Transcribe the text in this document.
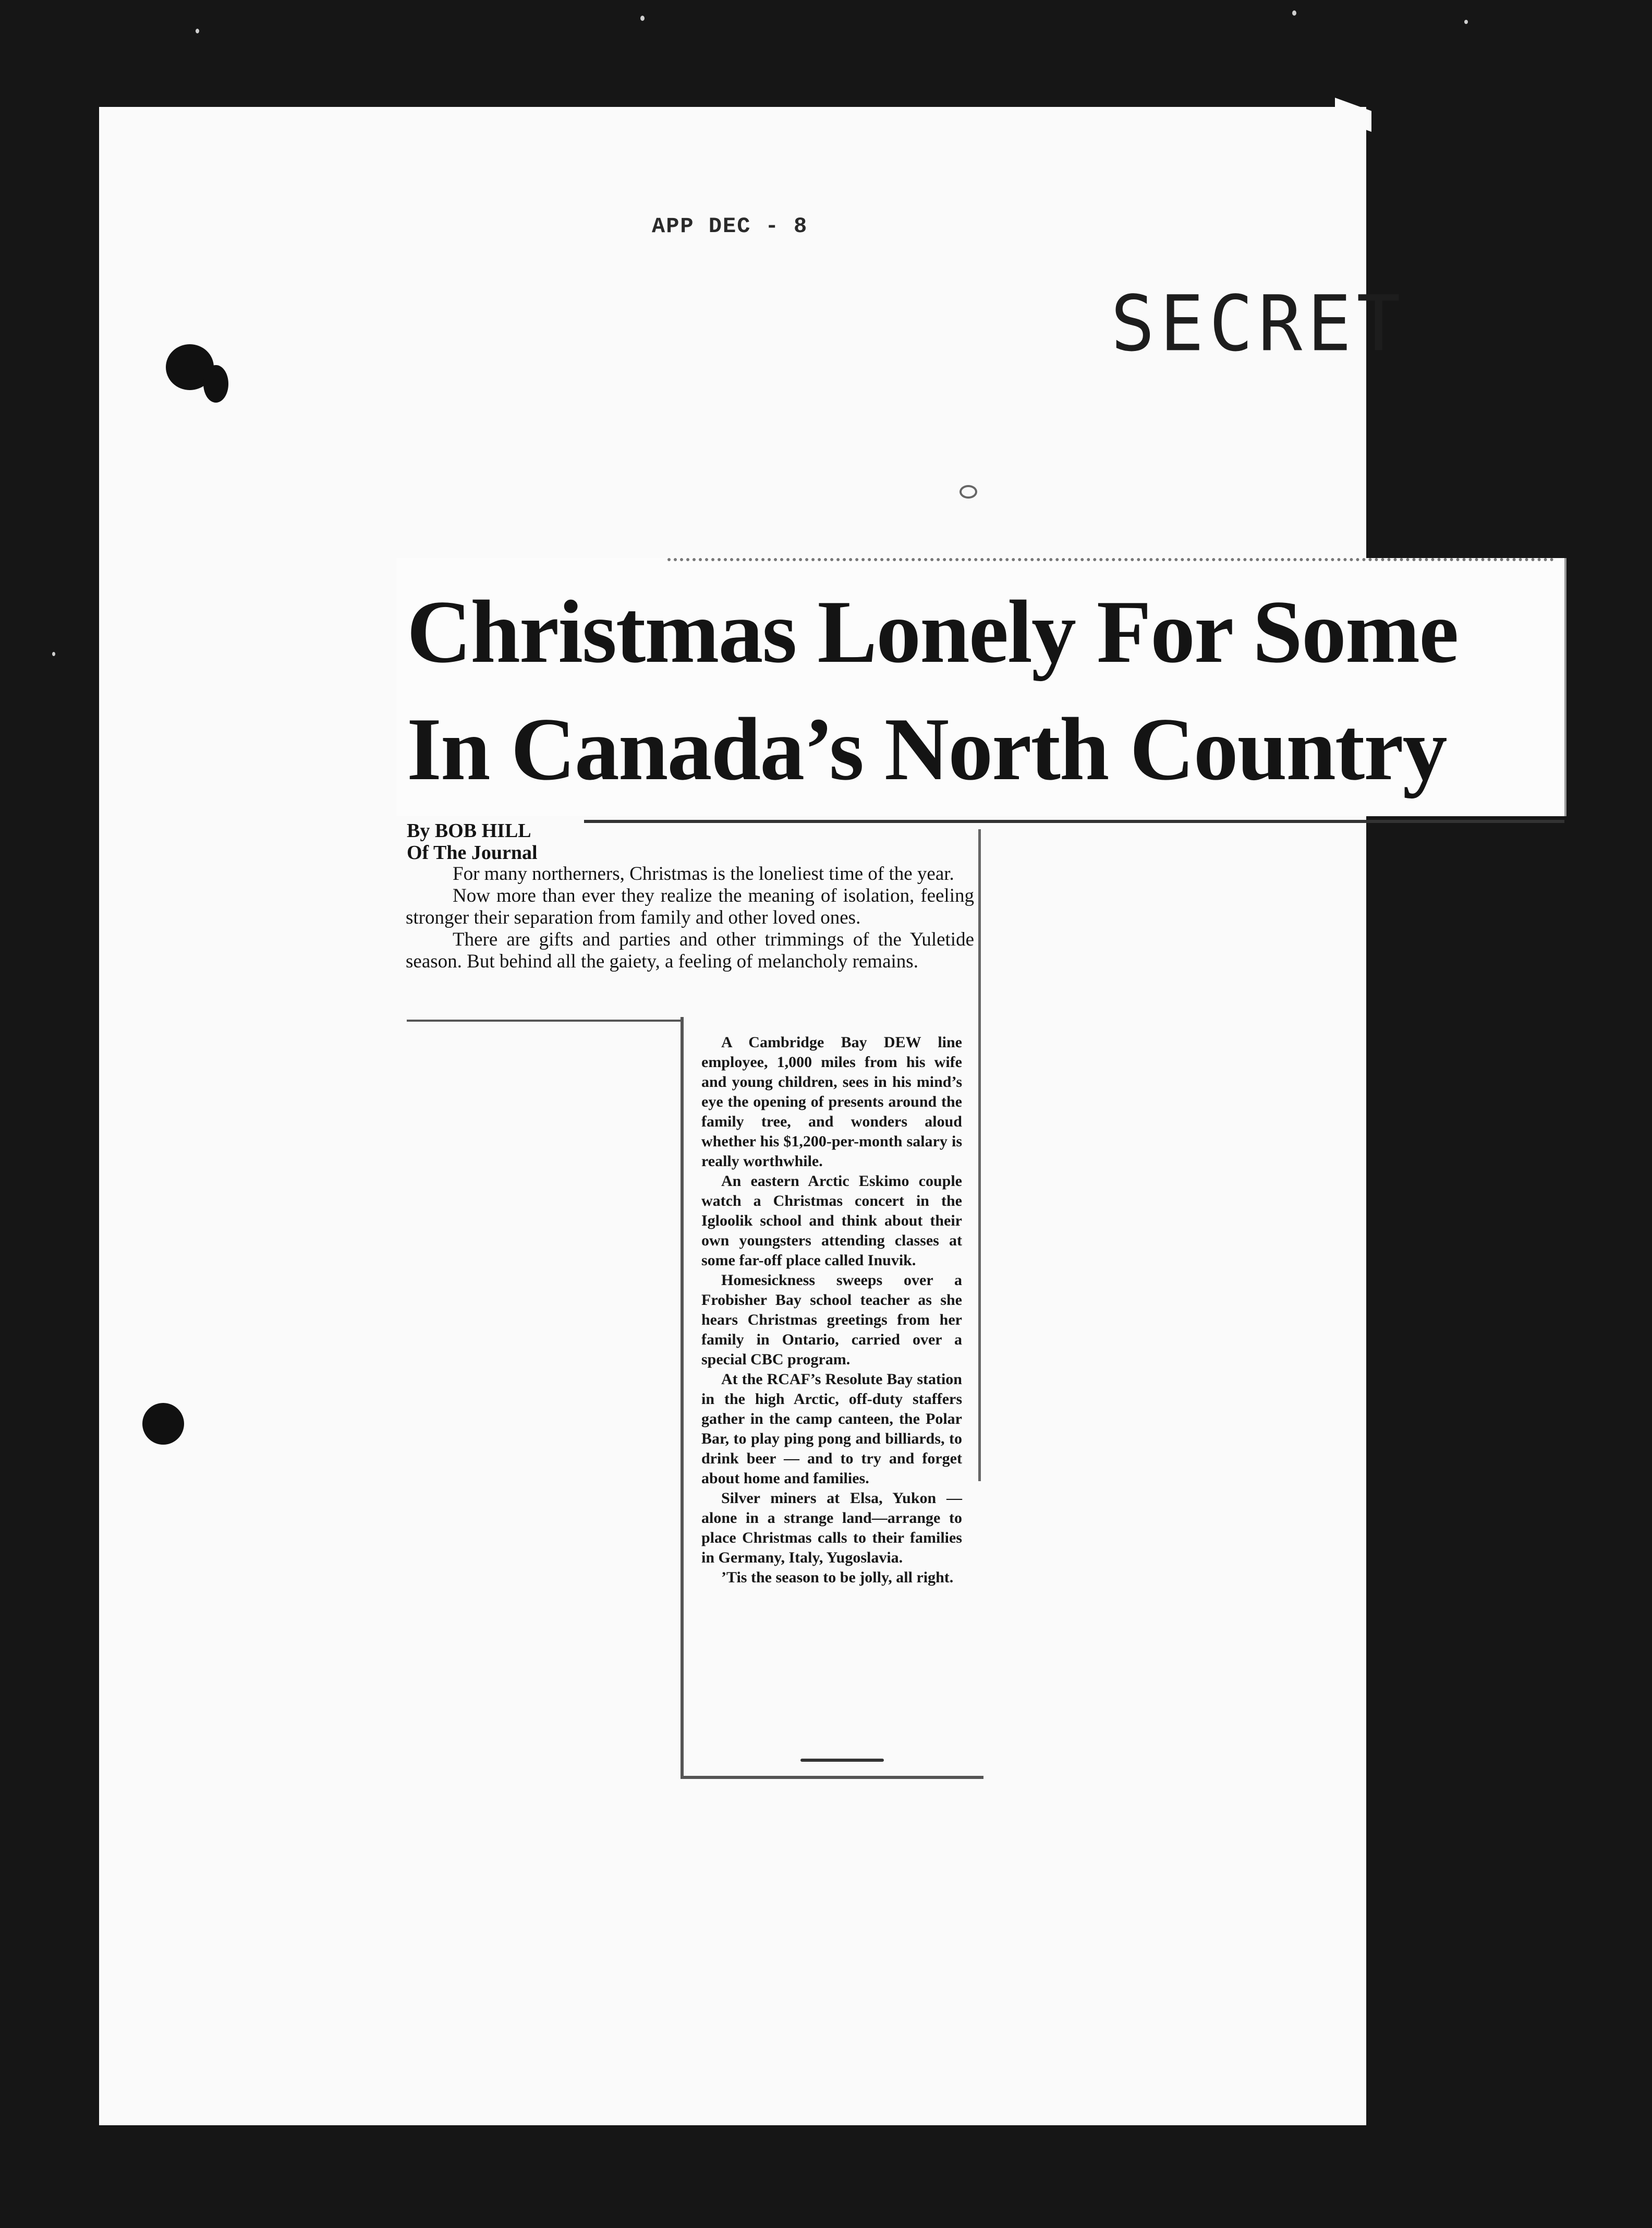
APP DEC - 8
SECRET
Christmas Lonely For Some
In Canada’s North Country
By BOB HILL
Of The Journal

For many northerners, Christmas is the loneliest time of the year.

Now more than ever they realize the meaning of isolation, feeling stronger their separation from family and other loved ones.

There are gifts and parties and other trimmings of the Yuletide season. But behind all the gaiety, a feeling of melancholy remains.

A Cambridge Bay DEW line employee, 1,000 miles from his wife and young children, sees in his mind’s eye the opening of presents around the family tree, and wonders aloud whether his $1,200-per-month salary is really worthwhile.

An eastern Arctic Eskimo couple watch a Christmas concert in the Igloolik school and think about their own youngsters attending classes at some far-off place called Inuvik.

Homesickness sweeps over a Frobisher Bay school teacher as she hears Christmas greetings from her family in Ontario, carried over a special CBC program.

At the RCAF’s Resolute Bay station in the high Arctic, off-duty staffers gather in the camp canteen, the Polar Bar, to play ping pong and billiards, to drink beer — and to try and forget about home and families.

Silver miners at Elsa, Yukon — alone in a strange land—arrange to place Christmas calls to their families in Germany, Italy, Yugoslavia.

’Tis the season to be jolly, all right.
